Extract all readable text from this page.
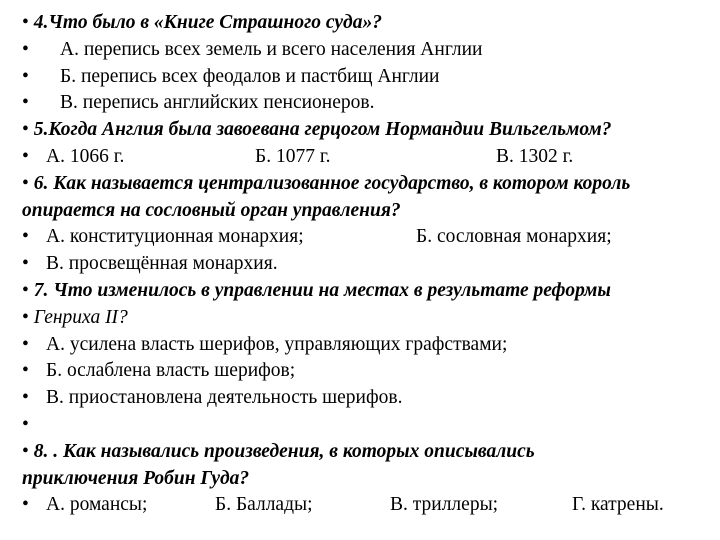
• 4.Что было в «Книге Страшного суда»?
• А. перепись всех земель и всего населения Англии
• Б. перепись всех феодалов и пастбищ Англии
• В. перепись английских пенсионеров.
• 5.Когда Англия была завоевана герцогом Нормандии Вильгельмом?
• А. 1066 г.	Б. 1077 г.	В. 1302 г.
• 6. Как называется централизованное государство, в котором король
опирается на сословный орган управления?
• А. конституционная монархия;	Б. сословная монархия;
• В. просвещённая монархия.
• 7. Что изменилось в управлении на местах в результате реформы
• Генриха II?
• А. усилена власть шерифов, управляющих графствами;
• Б. ослаблена власть шерифов;
• В. приостановлена деятельность шерифов.
•
• 8. . Как назывались произведения, в которых описывались
приключения Робин Гуда?
• А. романсы;	Б. Баллады;	В. триллеры;	Г. катрены.
